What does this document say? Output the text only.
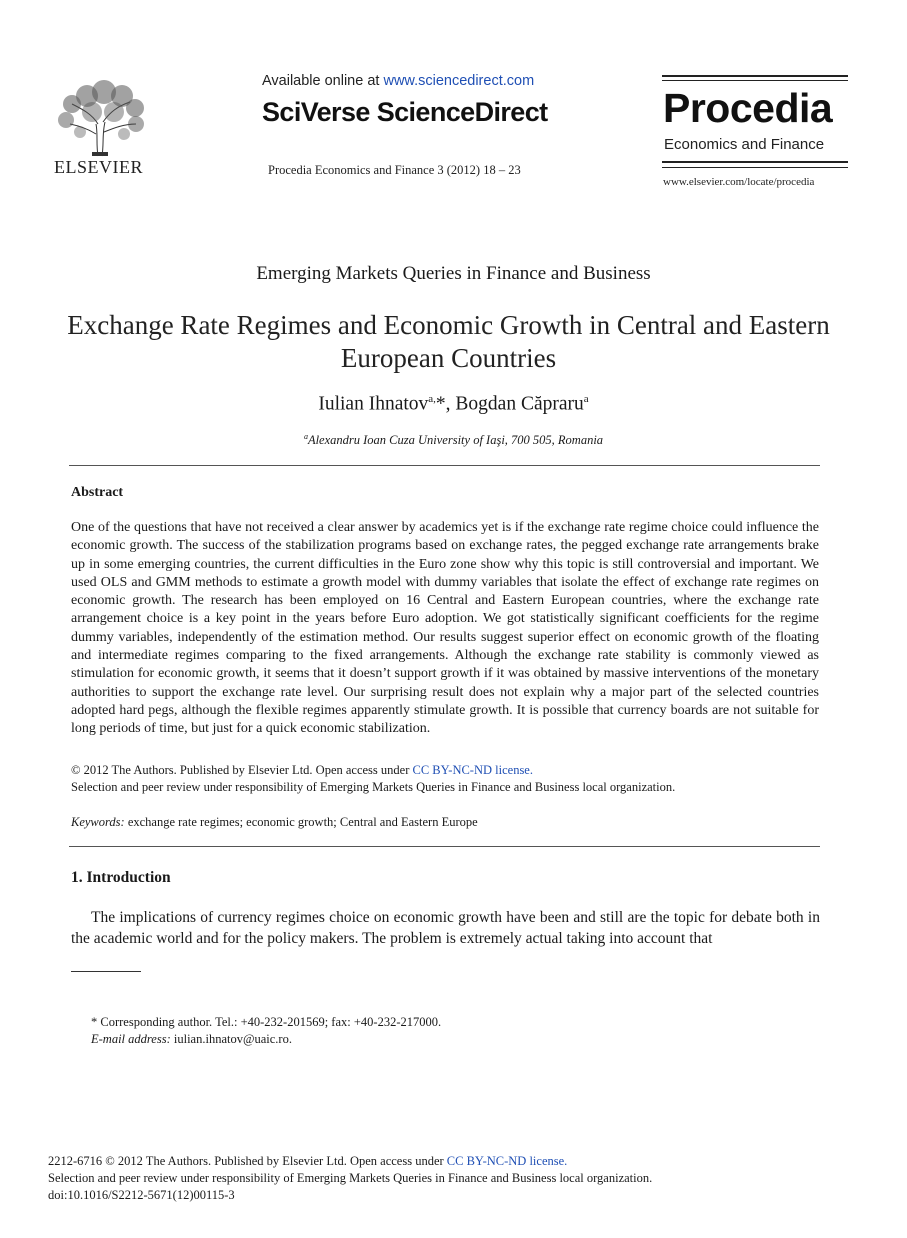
ELSEVIER
Available online at www.sciencedirect.com
SciVerse ScienceDirect
Procedia Economics and Finance 3 (2012) 18 – 23
Procedia
Economics and Finance
www.elsevier.com/locate/procedia
Emerging Markets Queries in Finance and Business
Exchange Rate Regimes and Economic Growth in Central and Eastern European Countries
Iulian Ihnatov$^{a,}$*, Bogdan Căpraru$^a$
$^a$Alexandru Ioan Cuza University of Iaşi, 700 505, Romania
Abstract
One of the questions that have not received a clear answer by academics yet is if the exchange rate regime choice could influence the economic growth. The success of the stabilization programs based on exchange rates, the pegged exchange rate arrangements brake up in some emerging countries, the current difficulties in the Euro zone show why this topic is still controversial and important. We used OLS and GMM methods to estimate a growth model with dummy variables that isolate the effect of exchange rate regimes on economic growth. The research has been employed on 16 Central and Eastern European countries, where the exchange rate arrangement choice is a key point in the years before Euro adoption. We got statistically significant coefficients for the regime dummy variables, independently of the estimation method. Our results suggest superior effect on economic growth of the floating and intermediate regimes comparing to the fixed arrangements. Although the exchange rate stability is commonly viewed as stimulation for economic growth, it seems that it doesn’t support growth if it was obtained by massive interventions of the monetary authorities to support the exchange rate level. Our surprising result does not explain why a major part of the selected countries adopted hard pegs, although the flexible regimes apparently stimulate growth. It is possible that currency boards are not suitable for long periods of time, but just for a quick economic stabilization.
© 2012 The Authors. Published by Elsevier Ltd. Open access under CC BY-NC-ND license.
Selection and peer review under responsibility of Emerging Markets Queries in Finance and Business local organization.
Keywords: exchange rate regimes; economic growth; Central and Eastern Europe
1. Introduction
The implications of currency regimes choice on economic growth have been and still are the topic for debate both in the academic world and for the policy makers. The problem is extremely actual taking into account that
* Corresponding author. Tel.: +40-232-201569; fax: +40-232-217000.
E-mail address: iulian.ihnatov@uaic.ro.
2212-6716 © 2012 The Authors. Published by Elsevier Ltd. Open access under CC BY-NC-ND license.
Selection and peer review under responsibility of Emerging Markets Queries in Finance and Business local organization.
doi:10.1016/S2212-5671(12)00115-3
